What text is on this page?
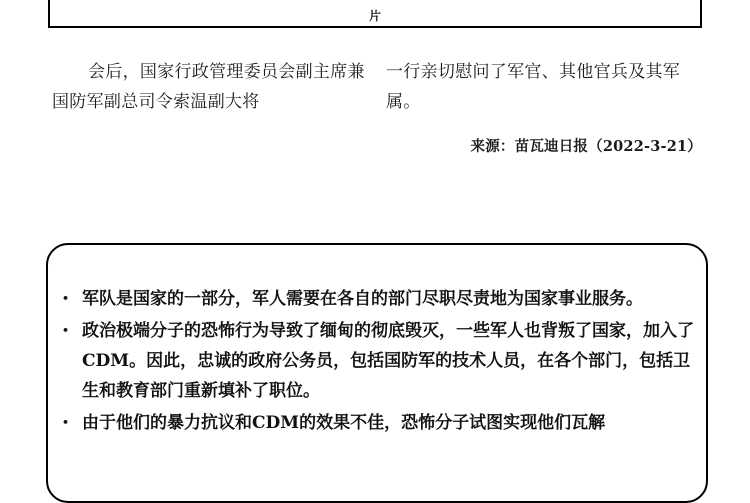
片
会后，国家行政管理委员会副主席兼国防军副总司令索温副大将
一行亲切慰问了军官、其他官兵及其军属。
来源：苗瓦迪日报（2022-3-21）
• 军队是国家的一部分，军人需要在各自的部门尽职尽责地为国家事业服务。
• 政治极端分子的恐怖行为导致了缅甸的彻底毁灭，一些军人也背叛了国家，加入了CDM。因此，忠诚的政府公务员，包括国防军的技术人员，在各个部门，包括卫生和教育部门重新填补了职位。
• 由于他们的暴力抗议和CDM的效果不佳，恐怖分子试图实现他们瓦解
